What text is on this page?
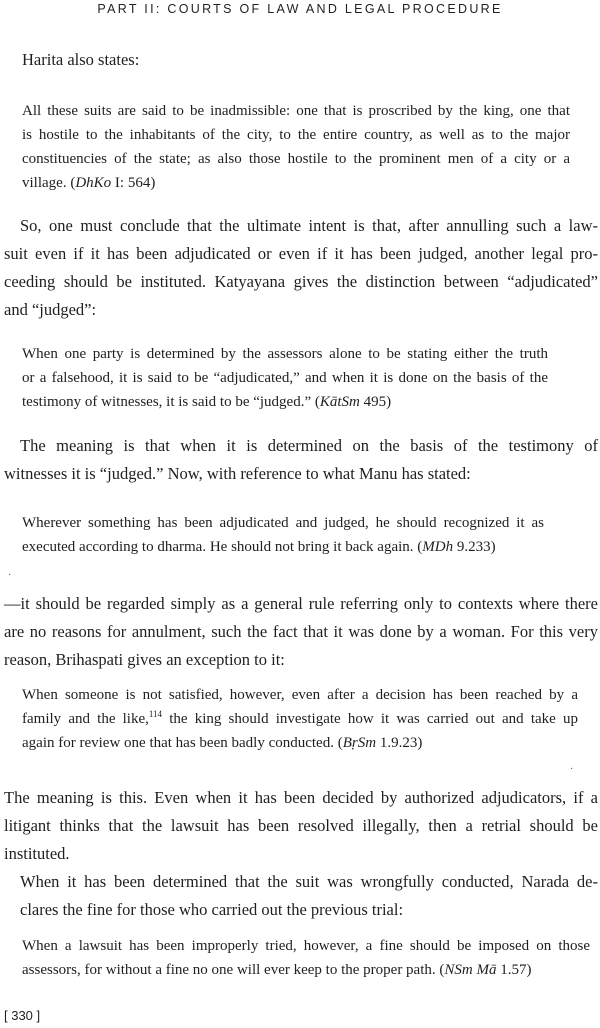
PART II: COURTS OF LAW AND LEGAL PROCEDURE
Harita also states:
All these suits are said to be inadmissible: one that is proscribed by the king, one that
is hostile to the inhabitants of the city, to the entire country, as well as to the major
constituencies of the state; as also those hostile to the prominent men of a city or a
village. (DhKo I: 564)
So, one must conclude that the ultimate intent is that, after annulling such a law-
suit even if it has been adjudicated or even if it has been judged, another legal pro-
ceeding should be instituted. Katyayana gives the distinction between “adjudicated”
and “judged”:
When one party is determined by the assessors alone to be stating either the truth
or a falsehood, it is said to be “adjudicated,” and when it is done on the basis of the
testimony of witnesses, it is said to be “judged.” (KātSm 495)
The meaning is that when it is determined on the basis of the testimony of
witnesses it is “judged.” Now, with reference to what Manu has stated:
Wherever something has been adjudicated and judged, he should recognized it as
executed according to dharma. He should not bring it back again. (MDh 9.233)
·
—it should be regarded simply as a general rule referring only to contexts where there
are no reasons for annulment, such the fact that it was done by a woman. For this very
reason, Brihaspati gives an exception to it:
When someone is not satisfied, however, even after a decision has been reached by a
family and the like,$^{114}$ the king should investigate how it was carried out and take up
again for review one that has been badly conducted. (BṛSm 1.9.23)
·
The meaning is this. Even when it has been decided by authorized adjudicators, if a
litigant thinks that the lawsuit has been resolved illegally, then a retrial should be
instituted.
When it has been determined that the suit was wrongfully conducted, Narada de-
clares the fine for those who carried out the previous trial:
When a lawsuit has been improperly tried, however, a fine should be imposed on those
assessors, for without a fine no one will ever keep to the proper path. (NSm Mā 1.57)
[ 330 ]
